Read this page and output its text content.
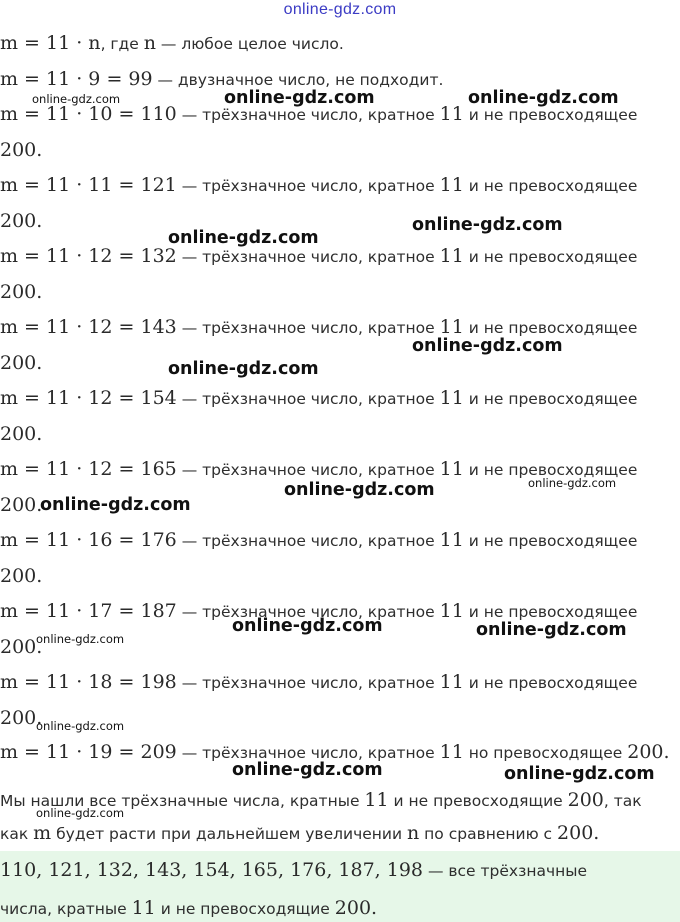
online-gdz.com
m = 11 · n, где n — любое целое число.
m = 11 · 9 = 99 — двузначное число, не подходит.
m = 11 · 10 = 110 — трёхзначное число, кратное 11 и не превосходящее
200.
m = 11 · 11 = 121 — трёхзначное число, кратное 11 и не превосходящее
200.
m = 11 · 12 = 132 — трёхзначное число, кратное 11 и не превосходящее
200.
m = 11 · 12 = 143 — трёхзначное число, кратное 11 и не превосходящее
200.
m = 11 · 12 = 154 — трёхзначное число, кратное 11 и не превосходящее
200.
m = 11 · 12 = 165 — трёхзначное число, кратное 11 и не превосходящее
200.
m = 11 · 16 = 176 — трёхзначное число, кратное 11 и не превосходящее
200.
m = 11 · 17 = 187 — трёхзначное число, кратное 11 и не превосходящее
200.
m = 11 · 18 = 198 — трёхзначное число, кратное 11 и не превосходящее
200.
m = 11 · 19 = 209 — трёхзначное число, кратное 11 но превосходящее 200.
Мы нашли все трёхзначные числа, кратные 11 и не превосходящие 200, так
как m будет расти при дальнейшем увеличении n по сравнению с 200.
110, 121, 132, 143, 154, 165, 176, 187, 198 — все трёхзначные
числа, кратные 11 и не превосходящие 200.
online-gdz.com	online-gdz.com	online-gdz.com
online-gdz.com
online-gdz.com
online-gdz.com
online-gdz.com
online-gdz.com	online-gdz.com
online-gdz.com
online-gdz.com
online-gdz.com	online-gdz.com
online-gdz.com
online-gdz.com
online-gdz.com	online-gdz.com
